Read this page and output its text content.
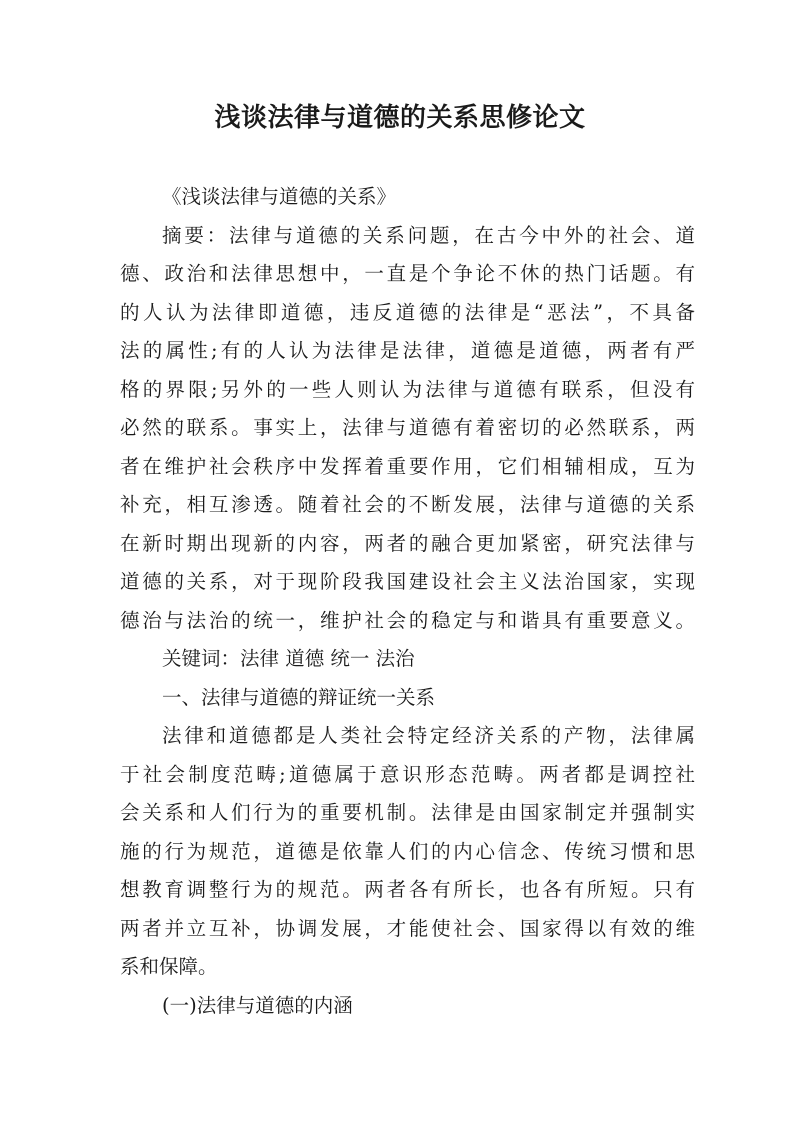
浅谈法律与道德的关系思修论文
《浅谈法律与道德的关系》
摘要：法律与道德的关系问题，在古今中外的社会、道
德、政治和法律思想中，一直是个争论不休的热门话题。有
的人认为法律即道德，违反道德的法律是“恶法”，不具备
法的属性;有的人认为法律是法律，道德是道德，两者有严
格的界限;另外的一些人则认为法律与道德有联系，但没有
必然的联系。事实上，法律与道德有着密切的必然联系，两
者在维护社会秩序中发挥着重要作用，它们相辅相成，互为
补充，相互渗透。随着社会的不断发展，法律与道德的关系
在新时期出现新的内容，两者的融合更加紧密，研究法律与
道德的关系，对于现阶段我国建设社会主义法治国家，实现
德治与法治的统一，维护社会的稳定与和谐具有重要意义。
关键词：法律 道德 统一 法治
一、法律与道德的辩证统一关系
法律和道德都是人类社会特定经济关系的产物，法律属
于社会制度范畴;道德属于意识形态范畴。两者都是调控社
会关系和人们行为的重要机制。法律是由国家制定并强制实
施的行为规范，道德是依靠人们的内心信念、传统习惯和思
想教育调整行为的规范。两者各有所长，也各有所短。只有
两者并立互补，协调发展，才能使社会、国家得以有效的维
系和保障。
(一)法律与道德的内涵
